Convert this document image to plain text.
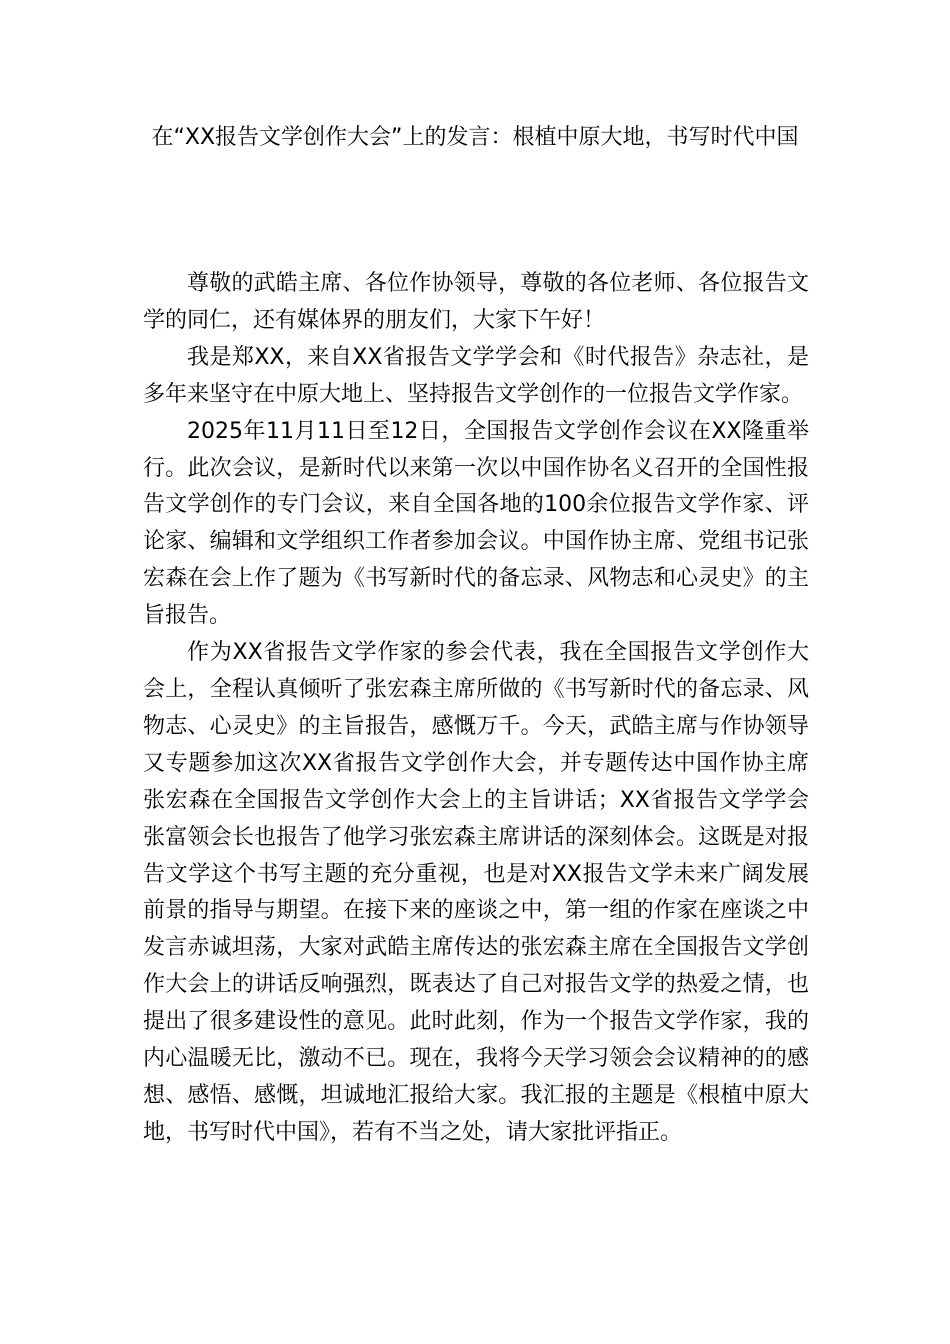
在“XX报告文学创作大会”上的发言：根植中原大地，书写时代中国

尊敬的武皓主席、各位作协领导，尊敬的各位老师、各位报告文学的同仁，还有媒体界的朋友们，大家下午好！

我是郑XX，来自XX省报告文学学会和《时代报告》杂志社，是多年来坚守在中原大地上、坚持报告文学创作的一位报告文学作家。

2025年11月11日至12日，全国报告文学创作会议在XX隆重举行。此次会议，是新时代以来第一次以中国作协名义召开的全国性报告文学创作的专门会议，来自全国各地的100余位报告文学作家、评论家、编辑和文学组织工作者参加会议。中国作协主席、党组书记张宏森在会上作了题为《书写新时代的备忘录、风物志和心灵史》的主旨报告。

作为XX省报告文学作家的参会代表，我在全国报告文学创作大会上，全程认真倾听了张宏森主席所做的《书写新时代的备忘录、风物志、心灵史》的主旨报告，感慨万千。今天，武皓主席与作协领导又专题参加这次XX省报告文学创作大会，并专题传达中国作协主席张宏森在全国报告文学创作大会上的主旨讲话；XX省报告文学学会张富领会长也报告了他学习张宏森主席讲话的深刻体会。这既是对报告文学这个书写主题的充分重视，也是对XX报告文学未来广阔发展前景的指导与期望。在接下来的座谈之中，第一组的作家在座谈之中发言赤诚坦荡，大家对武皓主席传达的张宏森主席在全国报告文学创作大会上的讲话反响强烈，既表达了自己对报告文学的热爱之情，也提出了很多建设性的意见。此时此刻，作为一个报告文学作家，我的内心温暖无比，激动不已。现在，我将今天学习领会会议精神的的感想、感悟、感慨，坦诚地汇报给大家。我汇报的主题是《根植中原大地，书写时代中国》，若有不当之处，请大家批评指正。
